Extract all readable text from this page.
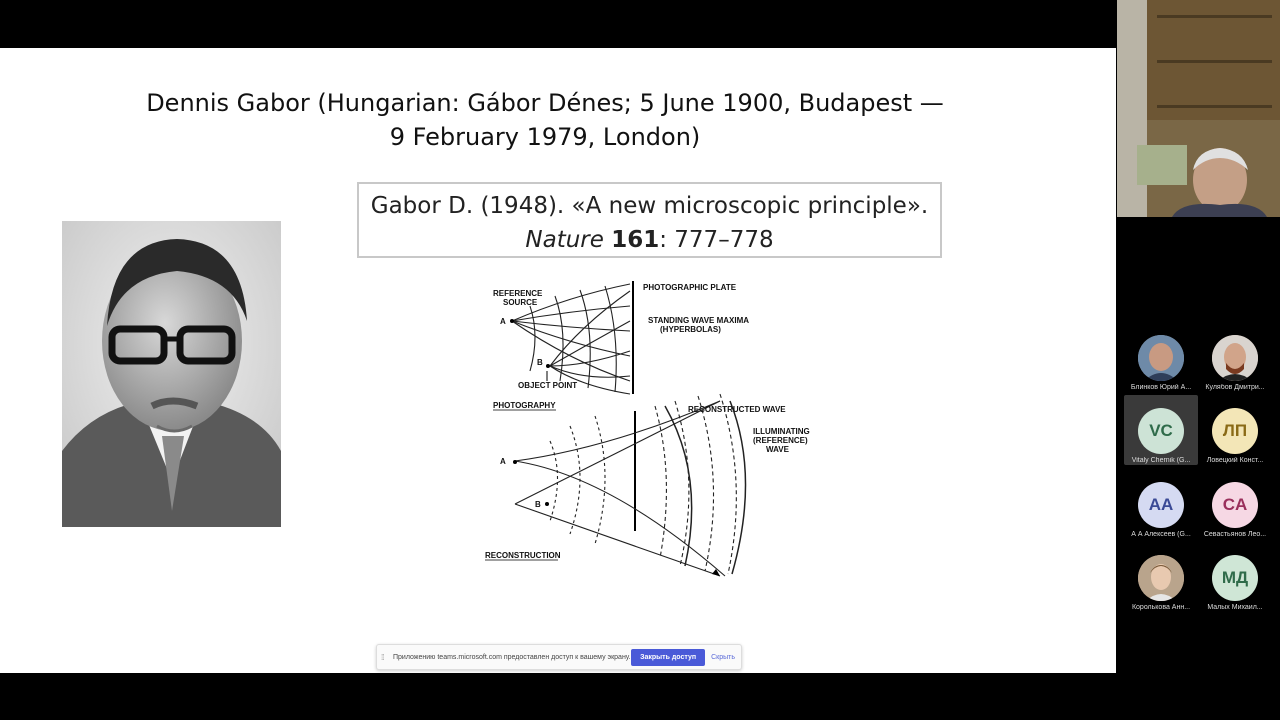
Dennis Gabor (Hungarian: Gábor Dénes; 5 June 1900, Budapest —
9 February 1979, London)
Gabor D. (1948). «A new microscopic principle».
Nature 161: 777–778
REFERENCE
SOURCE
PHOTOGRAPHIC PLATE
STANDING WAVE MAXIMA
(HYPERBOLAS)
A
B
OBJECT POINT
PHOTOGRAPHY	RECONSTRUCTED WAVE
ILLUMINATING
(REFERENCE)
WAVE
A
B
RECONSTRUCTION
⁞⁞	Приложению teams.microsoft.com предоставлен доступ к вашему экрану.	Закрыть доступ	Скрыть
Блинков Юрий А...	Кулябов Дмитри...
VC
Vitaly Chernik (G...
ЛП
Ловецкий Конст...
AA
А А Алексеев (G...
CA
Севастьянов Лео...
Королькова Анн...
МД
Малых Михаил...
